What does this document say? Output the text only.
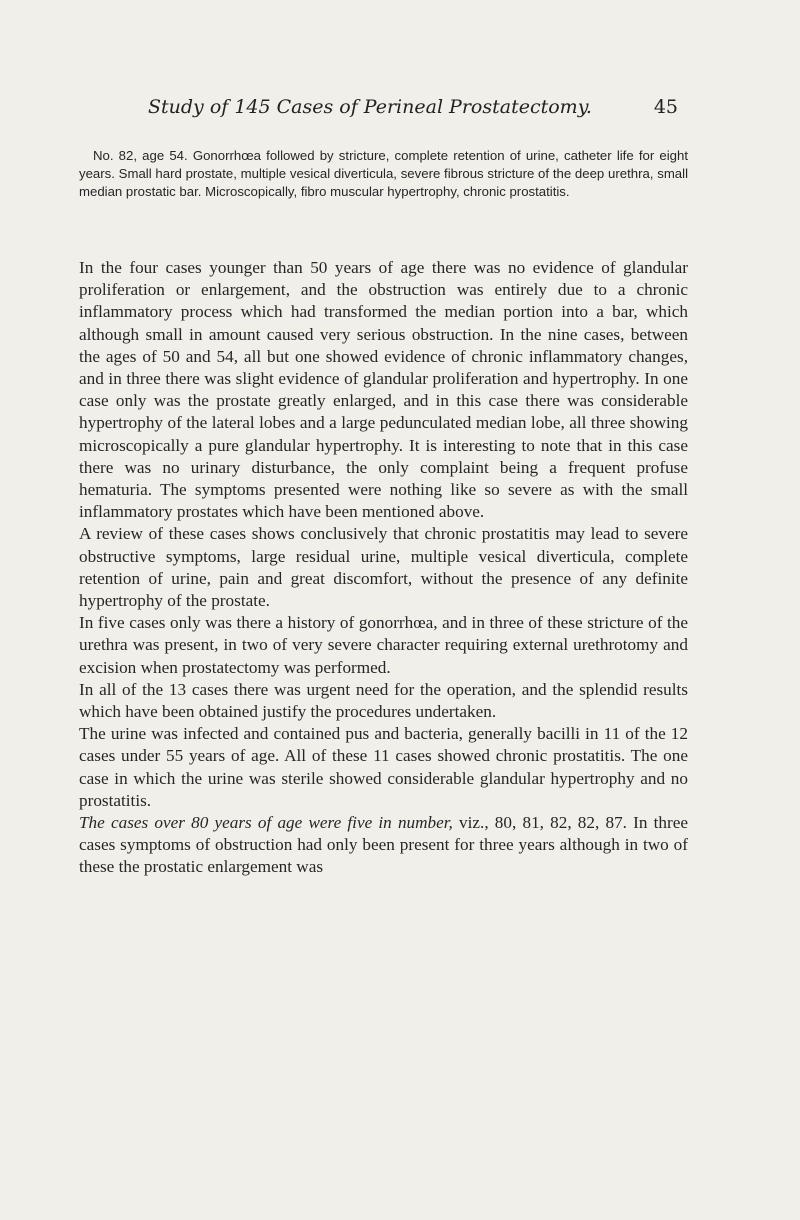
Study of 145 Cases of Perineal Prostatectomy.	45

No. 82, age 54. Gonorrhœa followed by stricture, complete retention of urine, catheter life for eight years. Small hard prostate, multiple vesical diverticula, severe fibrous stricture of the deep urethra, small median prostatic bar. Microscopically, fibro muscular hypertrophy, chronic prostatitis.

In the four cases younger than 50 years of age there was no evidence of glandular proliferation or enlargement, and the obstruction was entirely due to a chronic inflammatory process which had transformed the median portion into a bar, which although small in amount caused very serious obstruction. In the nine cases, between the ages of 50 and 54, all but one showed evidence of chronic inflammatory changes, and in three there was slight evidence of glandular proliferation and hypertrophy. In one case only was the prostate greatly enlarged, and in this case there was considerable hypertrophy of the lateral lobes and a large pedunculated median lobe, all three showing microscopically a pure glandular hypertrophy. It is interesting to note that in this case there was no urinary disturbance, the only complaint being a frequent profuse hematuria. The symptoms presented were nothing like so severe as with the small inflammatory prostates which have been mentioned above.

A review of these cases shows conclusively that chronic prostatitis may lead to severe obstructive symptoms, large residual urine, multiple vesical diverticula, complete retention of urine, pain and great discomfort, without the presence of any definite hypertrophy of the prostate.

In five cases only was there a history of gonorrhœa, and in three of these stricture of the urethra was present, in two of very severe character requiring external urethrotomy and excision when prostatectomy was performed.

In all of the 13 cases there was urgent need for the operation, and the splendid results which have been obtained justify the procedures undertaken.

The urine was infected and contained pus and bacteria, generally bacilli in 11 of the 12 cases under 55 years of age. All of these 11 cases showed chronic prostatitis. The one case in which the urine was sterile showed considerable glandular hypertrophy and no prostatitis.

The cases over 80 years of age were five in number, viz., 80, 81, 82, 82, 87. In three cases symptoms of obstruction had only been present for three years although in two of these the prostatic enlargement was
